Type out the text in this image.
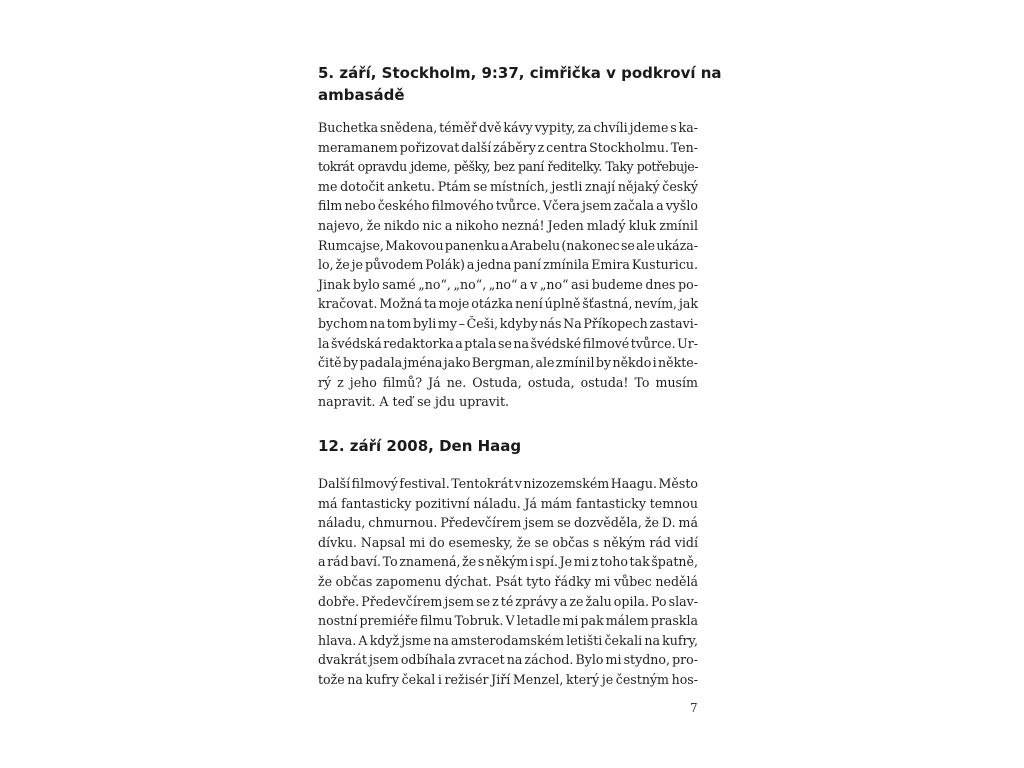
5. září, Stockholm, 9:37, cimřička v podkroví na
ambasádě
Buchetka snědena, téměř dvě kávy vypity, za chvíli jdeme s ka-
meramanem pořizovat další záběry z centra Stockholmu. Ten-
tokrát opravdu jdeme, pěšky, bez paní ředitelky. Taky potřebuje-
me dotočit anketu. Ptám se místních, jestli znají nějaký český
film nebo českého filmového tvůrce. Včera jsem začala a vyšlo
najevo, že nikdo nic a nikoho nezná! Jeden mladý kluk zmínil
Rumcajse, Makovou panenku a Arabelu (nakonec se ale ukáza-
lo, že je původem Polák) a jedna paní zmínila Emira Kusturicu.
Jinak bylo samé „no“, „no“, „no“ a v „no“ asi budeme dnes po-
kračovat. Možná ta moje otázka není úplně šťastná, nevím, jak
bychom na tom byli my – Češi, kdyby nás Na Příkopech zastavi-
la švédská redaktorka a ptala se na švédské filmové tvůrce. Ur-
čitě by padala jména jako Bergman, ale zmínil by někdo i někte-
rý z jeho filmů? Já ne. Ostuda, ostuda, ostuda! To musím
napravit. A teď se jdu upravit.
12. září 2008, Den Haag
Další filmový festival. Tentokrát v nizozemském Haagu. Město
má fantasticky pozitivní náladu. Já mám fantasticky temnou
náladu, chmurnou. Předevčírem jsem se dozvěděla, že D. má
dívku. Napsal mi do esemesky, že se občas s někým rád vidí
a rád baví. To znamená, že s někým i spí. Je mi z toho tak špatně,
že občas zapomenu dýchat. Psát tyto řádky mi vůbec nedělá
dobře. Předevčírem jsem se z té zprávy a ze žalu opila. Po slav-
nostní premiéře filmu Tobruk. V letadle mi pak málem praskla
hlava. A když jsme na amsterodamském letišti čekali na kufry,
dvakrát jsem odbíhala zvracet na záchod. Bylo mi stydno, pro-
tože na kufry čekal i režisér Jiří Menzel, který je čestným hos-
7
